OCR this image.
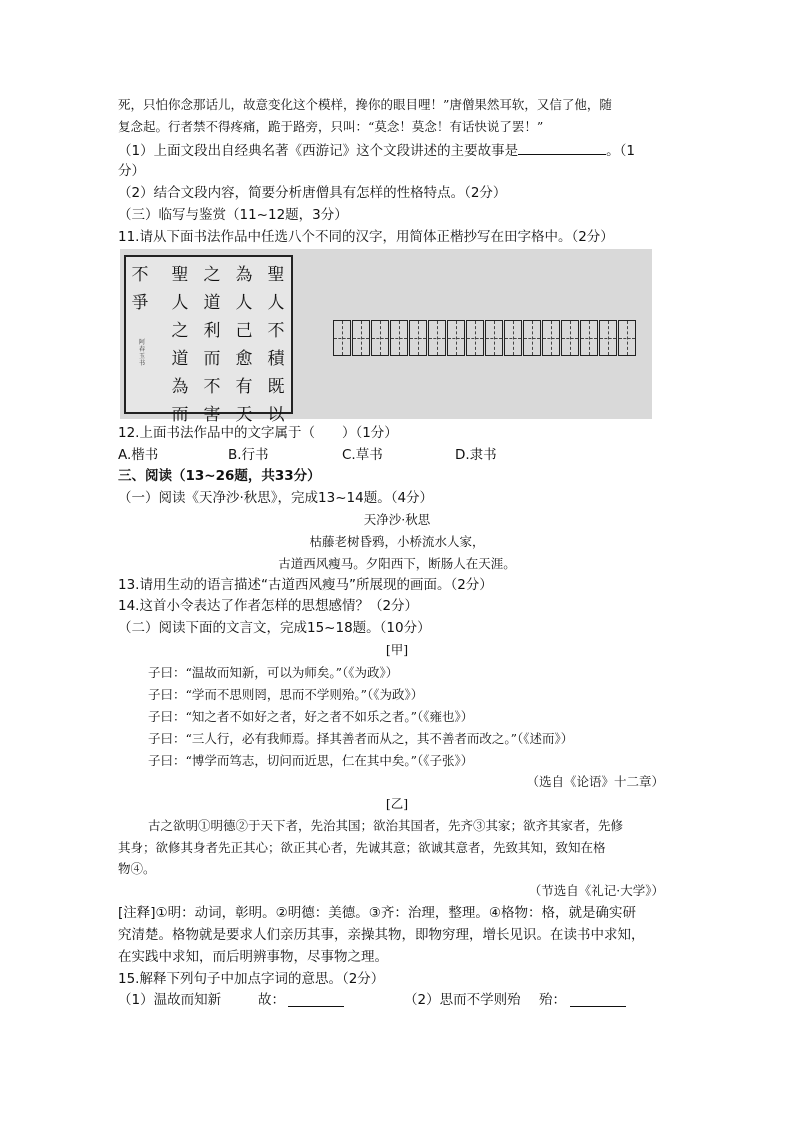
死，只怕你念那话儿，故意变化这个模样，搀你的眼目哩！”唐僧果然耳软，又信了他，随
复念起。行者禁不得疼痛，跪于路旁，只叫：“莫念！莫念！有话快说了罢！”
（1）上面文段出自经典名著《西游记》这个文段讲述的主要故事是	。（1
分）
（2）结合文段内容，简要分析唐僧具有怎样的性格特点。（2分）
（三）临写与鉴赏（11~12题，3分）
11.请从下面书法作品中任选八个不同的汉字，用简体正楷抄写在田字格中。（2分）
聖
人
不
積
既
以
為
人
己
愈
有
天
之
道
利
而
不
害
聖
人
之
道
為
而
不
爭
阿
春
玉
书
12.上面书法作品中的文字属于（　　）（1分）
A.楷书	B.行书	C.草书	D.隶书
三、阅读（13~26题，共33分）
（一）阅读《天净沙·秋思》，完成13~14题。（4分）
天净沙·秋思
枯藤老树昏鸦，小桥流水人家，
古道西风瘦马。夕阳西下，断肠人在天涯。
13.请用生动的语言描述“古道西风瘦马”所展现的画面。（2分）
14.这首小令表达了作者怎样的思想感情？（2分）
（二）阅读下面的文言文，完成15~18题。（10分）
[甲]
子曰：“温故而知新，可以为师矣。”（《为政》）
子曰：“学而不思则罔，思而不学则殆。”（《为政》）
子曰：“知之者不如好之者，好之者不如乐之者。”（《雍也》）
子曰：“三人行，必有我师焉。择其善者而从之，其不善者而改之。”（《述而》）
子曰：“博学而笃志，切问而近思，仁在其中矣。”（《子张》）
（选自《论语》十二章）
[乙]
古之欲明①明德②于天下者，先治其国；欲治其国者，先齐③其家；欲齐其家者，先修
其身；欲修其身者先正其心；欲正其心者，先诚其意；欲诚其意者，先致其知，致知在格
物④。
（节选自《礼记·大学》）
[注释]①明：动词，彰明。②明德：美德。③齐：治理，整理。④格物：格，就是确实研
究清楚。格物就是要求人们亲历其事，亲操其物，即物穷理，增长见识。在读书中求知，
在实践中求知，而后明辨事物，尽事物之理。
15.解释下列句子中加点字词的意思。（2分）
（1）温故而知新	故：	（2）思而不学则殆 殆：
